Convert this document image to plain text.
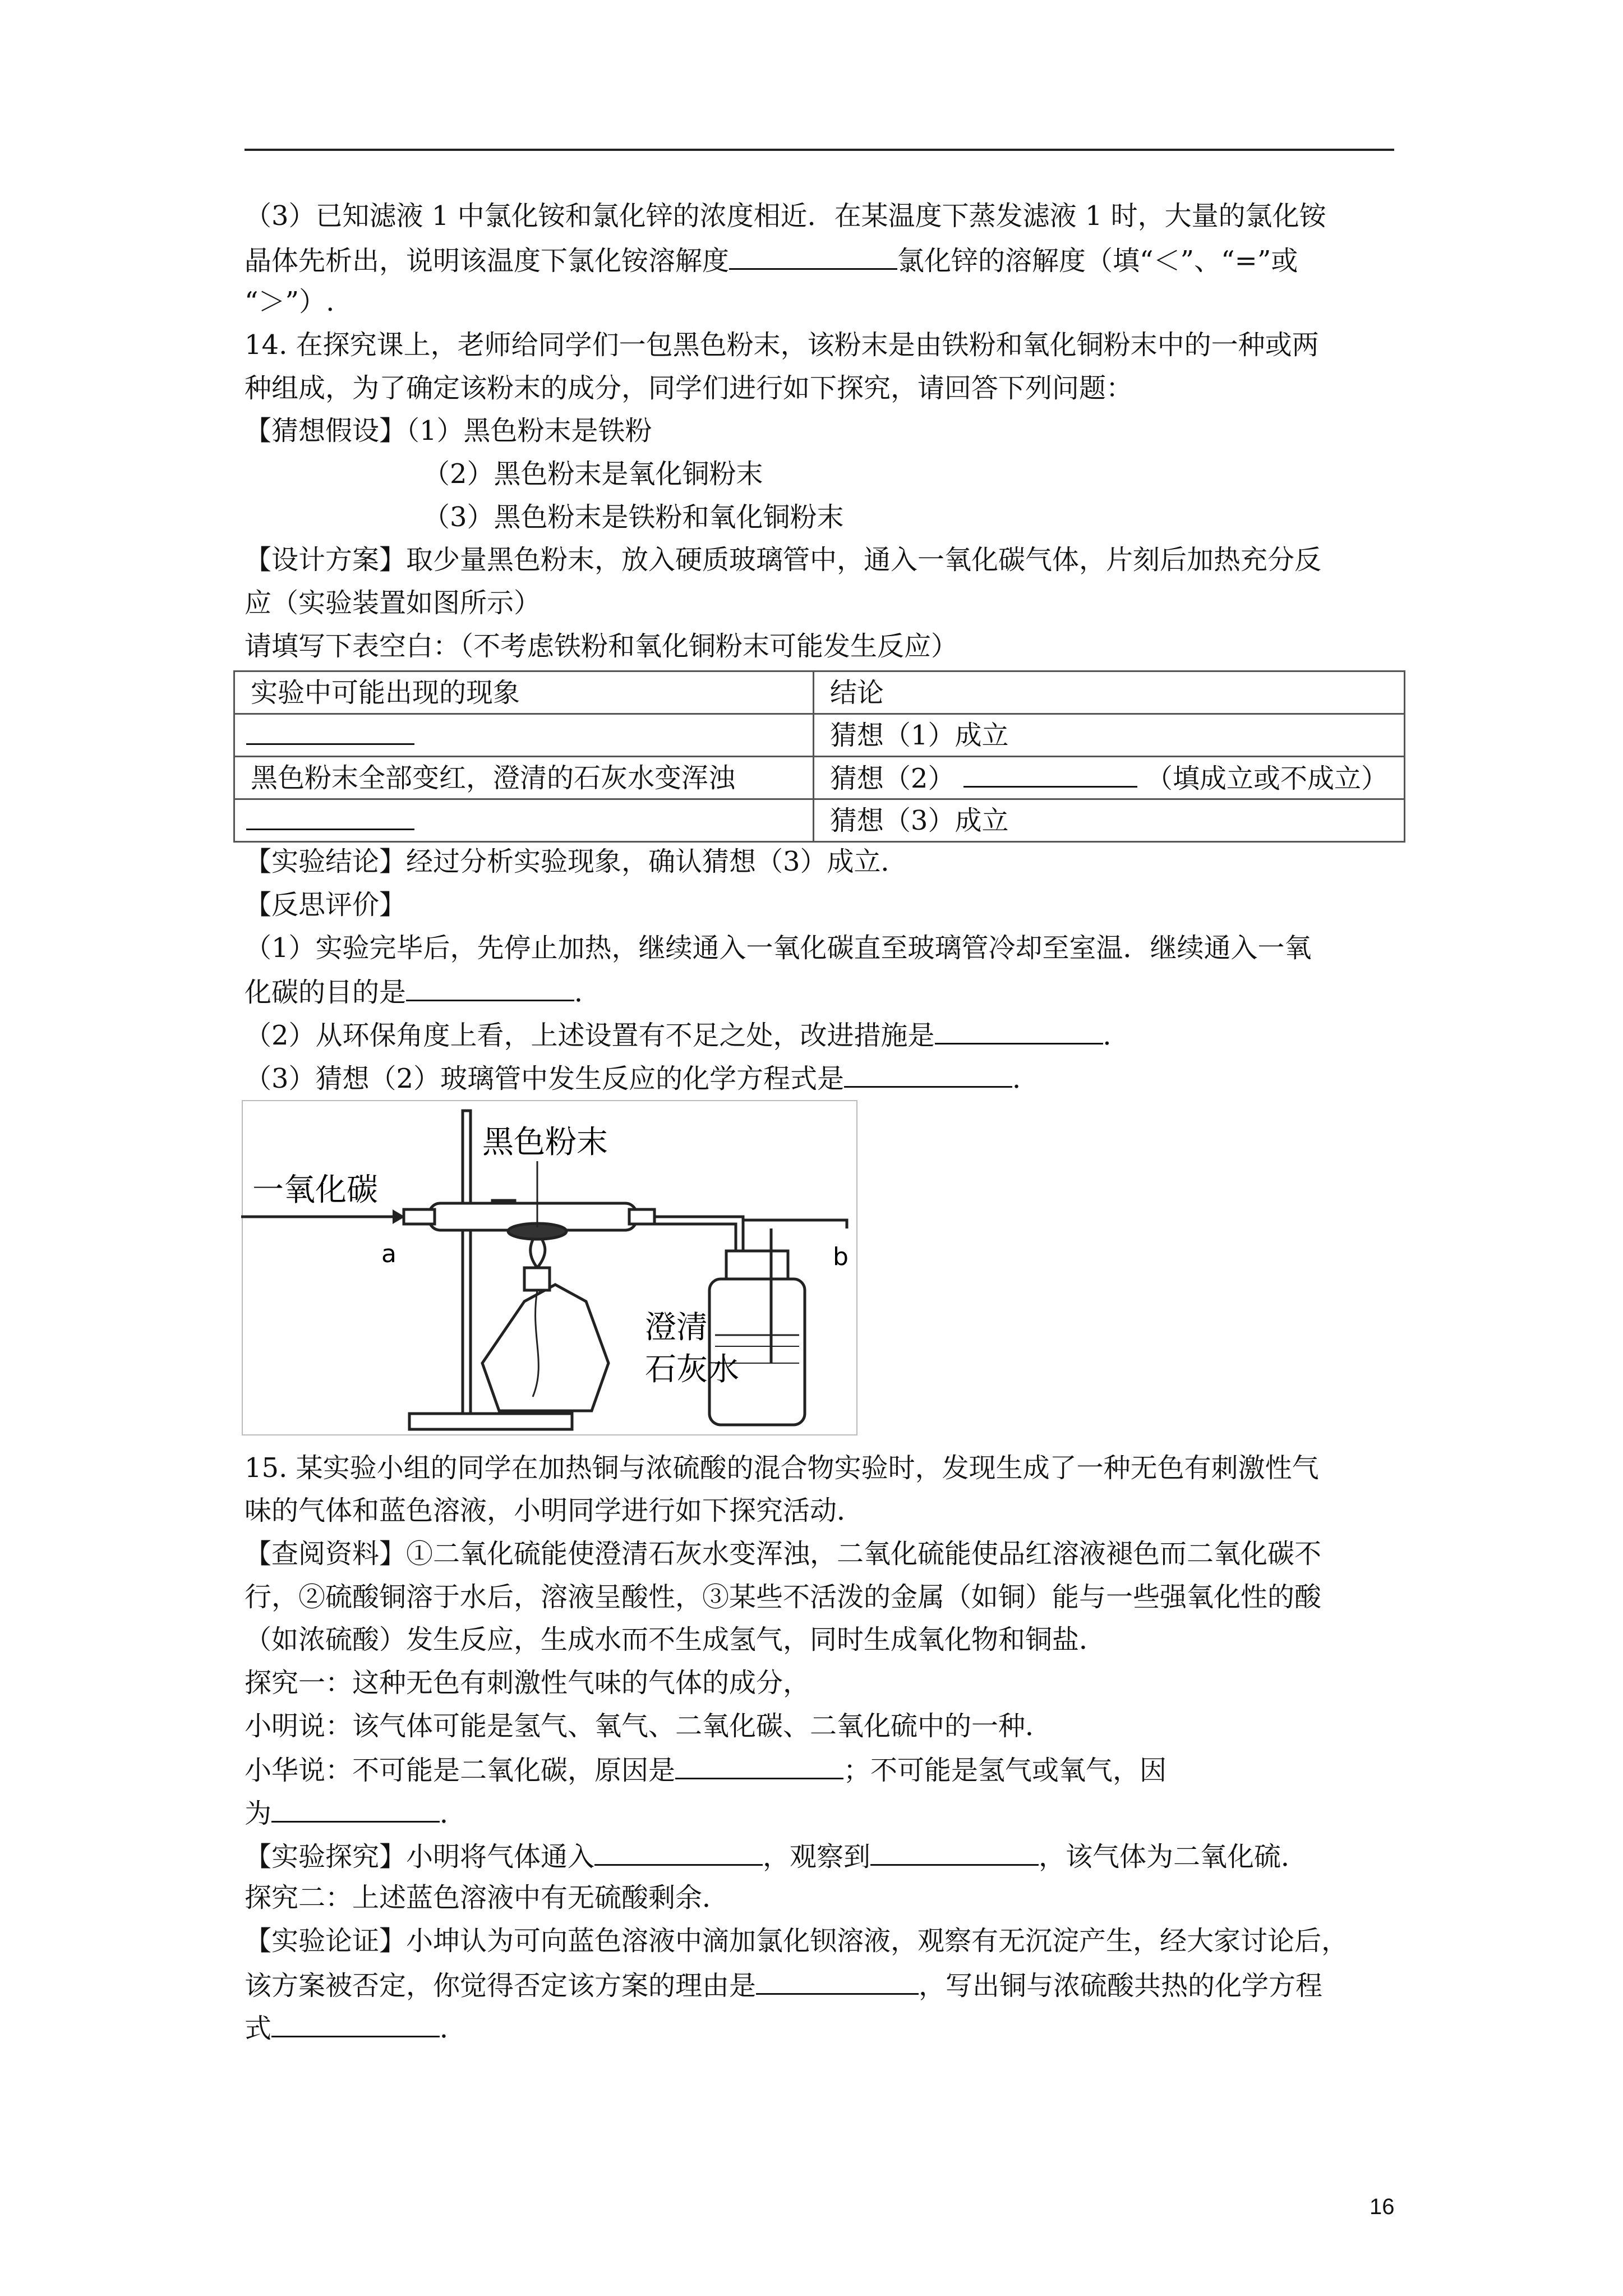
（3）已知滤液 1 中氯化铵和氯化锌的浓度相近．在某温度下蒸发滤液 1 时，大量的氯化铵
晶体先析出，说明该温度下氯化铵溶解度	氯化锌的溶解度（填“＜”、“=”或
“＞”）.
14. 在探究课上，老师给同学们一包黑色粉末，该粉末是由铁粉和氧化铜粉末中的一种或两
种组成，为了确定该粉末的成分，同学们进行如下探究，请回答下列问题：
【猜想假设】（1）黑色粉末是铁粉
（2）黑色粉末是氧化铜粉末
（3）黑色粉末是铁粉和氧化铜粉末
【设计方案】取少量黑色粉末，放入硬质玻璃管中，通入一氧化碳气体，片刻后加热充分反
应（实验装置如图所示）
请填写下表空白：（不考虑铁粉和氧化铜粉末可能发生反应）
实验中可能出现的现象	结论
	猜想（1）成立
黑色粉末全部变红，澄清的石灰水变浑浊	猜想（2） （填成立或不成立）
	猜想（3）成立
【实验结论】经过分析实验现象，确认猜想（3）成立．
【反思评价】
（1）实验完毕后，先停止加热，继续通入一氧化碳直至玻璃管冷却至室温．继续通入一氧
化碳的目的是	．
（2）从环保角度上看，上述设置有不足之处，改进措施是	．
（3）猜想（2）玻璃管中发生反应的化学方程式是	．
黑色粉末
一氧化碳
a	b
澄清
石灰水
15. 某实验小组的同学在加热铜与浓硫酸的混合物实验时，发现生成了一种无色有刺激性气
味的气体和蓝色溶液，小明同学进行如下探究活动．
【查阅资料】①二氧化硫能使澄清石灰水变浑浊，二氧化硫能使品红溶液褪色而二氧化碳不
行，②硫酸铜溶于水后，溶液呈酸性，③某些不活泼的金属（如铜）能与一些强氧化性的酸
（如浓硫酸）发生反应，生成水而不生成氢气，同时生成氧化物和铜盐．
探究一：这种无色有刺激性气味的气体的成分，
小明说：该气体可能是氢气、氧气、二氧化碳、二氧化硫中的一种．
小华说：不可能是二氧化碳，原因是	；不可能是氢气或氧气，因
为	．
【实验探究】小明将气体通入	，观察到	，该气体为二氧化硫．
探究二：上述蓝色溶液中有无硫酸剩余．
【实验论证】小坤认为可向蓝色溶液中滴加氯化钡溶液，观察有无沉淀产生，经大家讨论后，
该方案被否定，你觉得否定该方案的理由是	，写出铜与浓硫酸共热的化学方程
式	．
16
